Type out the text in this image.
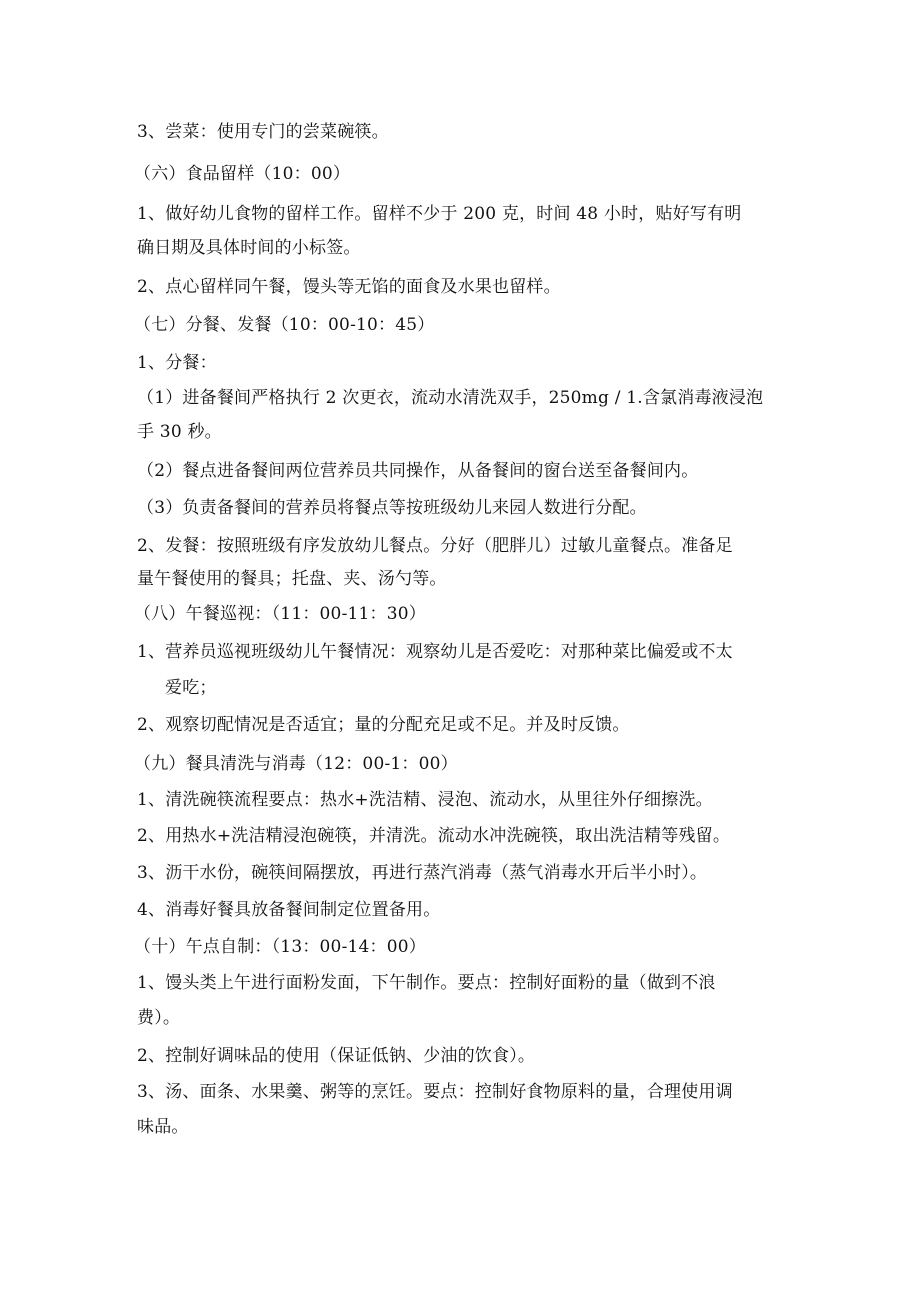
3、尝菜：使用专门的尝菜碗筷。
（六）食品留样（10：00）
1、做好幼儿食物的留样工作。留样不少于 200 克，时间 48 小时，贴好写有明
确日期及具体时间的小标签。
2、点心留样同午餐，馒头等无馅的面食及水果也留样。
（七）分餐、发餐（10：00-10：45）
1、分餐：
（1）进备餐间严格执行 2 次更衣，流动水清洗双手，250mg / 1.含氯消毒液浸泡
手 30 秒。
（2）餐点进备餐间两位营养员共同操作，从备餐间的窗台送至备餐间内。
（3）负责备餐间的营养员将餐点等按班级幼儿来园人数进行分配。
2、发餐：按照班级有序发放幼儿餐点。分好（肥胖儿）过敏儿童餐点。准备足
量午餐使用的餐具；托盘、夹、汤勺等。
（八）午餐巡视：（11：00-11：30）
1、营养员巡视班级幼儿午餐情况：观察幼儿是否爱吃：对那种菜比偏爱或不太
爱吃；
2、观察切配情况是否适宜；量的分配充足或不足。并及时反馈。
（九）餐具清洗与消毒（12：00-1：00）
1、清洗碗筷流程要点：热水+洗洁精、浸泡、流动水，从里往外仔细擦洗。
2、用热水+洗洁精浸泡碗筷，并清洗。流动水冲洗碗筷，取出洗洁精等残留。
3、沥干水份，碗筷间隔摆放，再进行蒸汽消毒（蒸气消毒水开后半小时）。
4、消毒好餐具放备餐间制定位置备用。
（十）午点自制：（13：00-14：00）
1、馒头类上午进行面粉发面，下午制作。要点：控制好面粉的量（做到不浪
费）。
2、控制好调味品的使用（保证低钠、少油的饮食）。
3、汤、面条、水果羹、粥等的烹饪。要点：控制好食物原料的量，合理使用调
味品。
